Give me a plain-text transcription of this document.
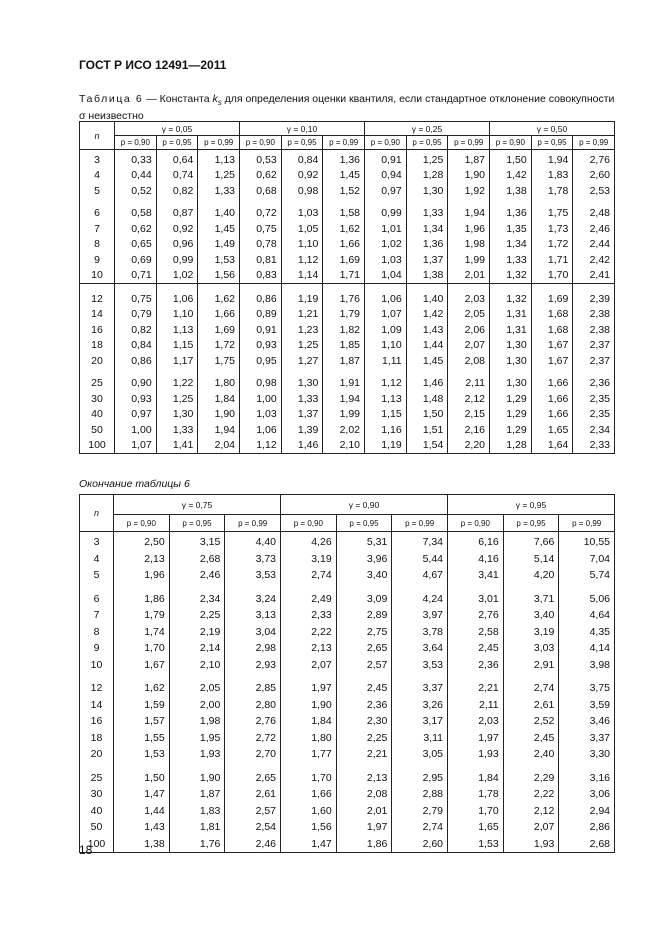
ГОСТ Р ИСО 12491—2011
Таблица 6 — Константа $k_s$ для определения оценки квантиля, если стандартное отклонение совокупности σ неизвестно
n	γ = 0,05			γ = 0,10			γ = 0,25			γ = 0,50		
	p = 0,90	p = 0,95	p = 0,99	p = 0,90	p = 0,95	p = 0,99	p = 0,90	p = 0,95	p = 0,99	p = 0,90	p = 0,95	p = 0,99
3	0,33	0,64	1,13	0,53	0,84	1,36	0,91	1,25	1,87	1,50	1,94	2,76
4	0,44	0,74	1,25	0,62	0,92	1,45	0,94	1,28	1,90	1,42	1,83	2,60
5	0,52	0,82	1,33	0,68	0,98	1,52	0,97	1,30	1,92	1,38	1,78	2,53
6	0,58	0,87	1,40	0,72	1,03	1,58	0,99	1,33	1,94	1,36	1,75	2,48
7	0,62	0,92	1,45	0,75	1,05	1,62	1,01	1,34	1,96	1,35	1,73	2,46
8	0,65	0,96	1,49	0,78	1,10	1,66	1,02	1,36	1,98	1,34	1,72	2,44
9	0,69	0,99	1,53	0,81	1,12	1,69	1,03	1,37	1,99	1,33	1,71	2,42
10	0,71	1,02	1,56	0,83	1,14	1,71	1,04	1,38	2,01	1,32	1,70	2,41
12	0,75	1,06	1,62	0,86	1,19	1,76	1,06	1,40	2,03	1,32	1,69	2,39
14	0,79	1,10	1,66	0,89	1,21	1,79	1,07	1,42	2,05	1,31	1,68	2,38
16	0,82	1,13	1,69	0,91	1,23	1,82	1,09	1,43	2,06	1,31	1,68	2,38
18	0,84	1,15	1,72	0,93	1,25	1,85	1,10	1,44	2,07	1,30	1,67	2,37
20	0,86	1,17	1,75	0,95	1,27	1,87	1,11	1,45	2,08	1,30	1,67	2,37
25	0,90	1,22	1,80	0,98	1,30	1,91	1,12	1,46	2,11	1,30	1,66	2,36
30	0,93	1,25	1,84	1,00	1,33	1,94	1,13	1,48	2,12	1,29	1,66	2,35
40	0,97	1,30	1,90	1,03	1,37	1,99	1,15	1,50	2,15	1,29	1,66	2,35
50	1,00	1,33	1,94	1,06	1,39	2,02	1,16	1,51	2,16	1,29	1,65	2,34
100	1,07	1,41	2,04	1,12	1,46	2,10	1,19	1,54	2,20	1,28	1,64	2,33
Окончание таблицы 6
n	γ = 0,75			γ = 0,90			γ = 0,95		
	p = 0,90	p = 0,95	p = 0,99	p = 0,90	p = 0,95	p = 0,99	p = 0,90	p = 0,95	p = 0,99
3	2,50	3,15	4,40	4,26	5,31	7,34	6,16	7,66	10,55
4	2,13	2,68	3,73	3,19	3,96	5,44	4,16	5,14	7,04
5	1,96	2,46	3,53	2,74	3,40	4,67	3,41	4,20	5,74
6	1,86	2,34	3,24	2,49	3,09	4,24	3,01	3,71	5,06
7	1,79	2,25	3,13	2,33	2,89	3,97	2,76	3,40	4,64
8	1,74	2,19	3,04	2,22	2,75	3,78	2,58	3,19	4,35
9	1,70	2,14	2,98	2,13	2,65	3,64	2,45	3,03	4,14
10	1,67	2,10	2,93	2,07	2,57	3,53	2,36	2,91	3,98
12	1,62	2,05	2,85	1,97	2,45	3,37	2,21	2,74	3,75
14	1,59	2,00	2,80	1,90	2,36	3,26	2,11	2,61	3,59
16	1,57	1,98	2,76	1,84	2,30	3,17	2,03	2,52	3,46
18	1,55	1,95	2,72	1,80	2,25	3,11	1,97	2,45	3,37
20	1,53	1,93	2,70	1,77	2,21	3,05	1,93	2,40	3,30
25	1,50	1,90	2,65	1,70	2,13	2,95	1,84	2,29	3,16
30	1,47	1,87	2,61	1,66	2,08	2,88	1,78	2,22	3,06
40	1,44	1,83	2,57	1,60	2,01	2,79	1,70	2,12	2,94
50	1,43	1,81	2,54	1,56	1,97	2,74	1,65	2,07	2,86
100	1,38	1,76	2,46	1,47	1,86	2,60	1,53	1,93	2,68
18
